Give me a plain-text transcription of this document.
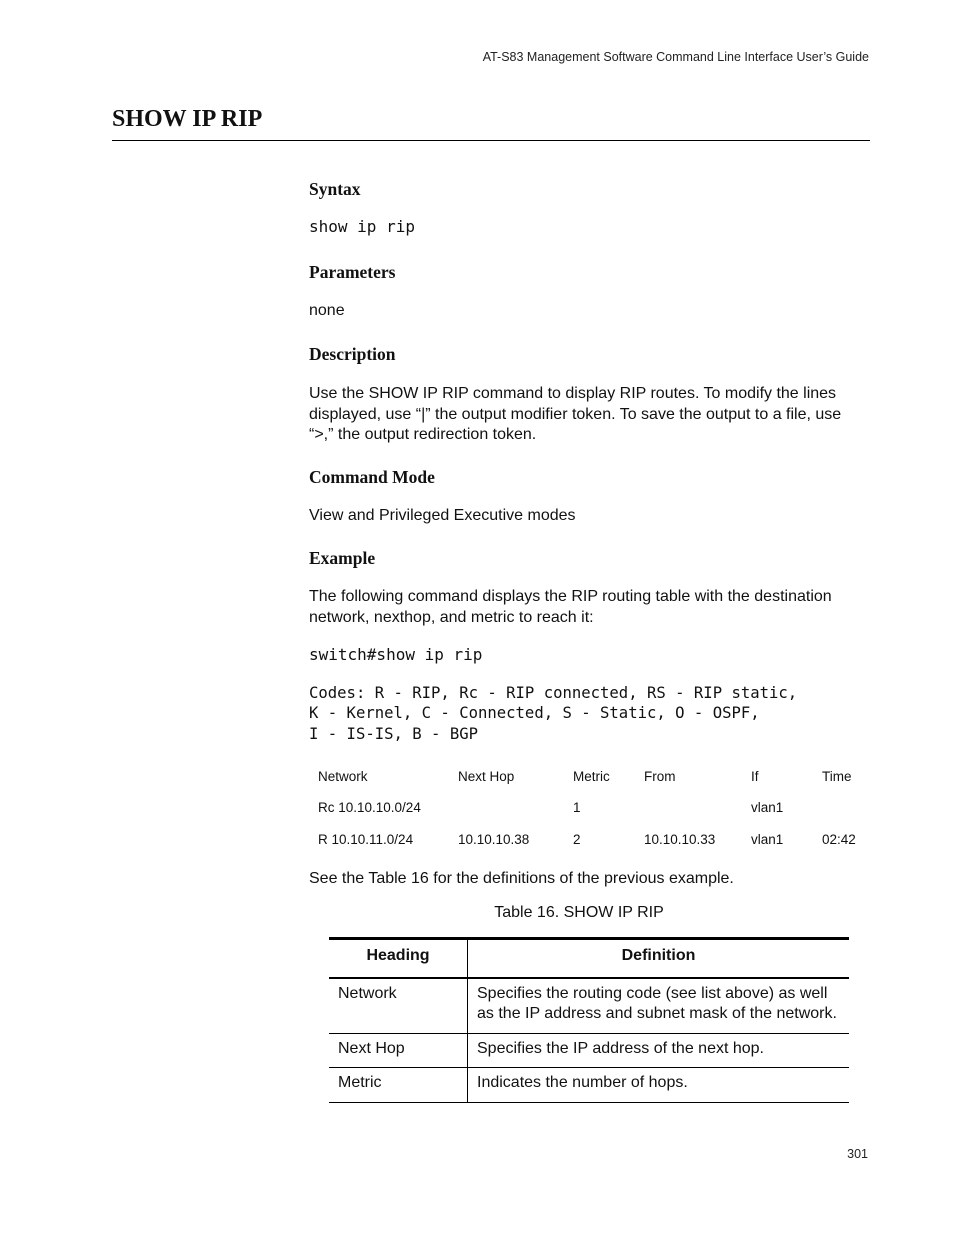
AT-S83 Management Software Command Line Interface User’s Guide
SHOW IP RIP
Syntax

show ip rip

Parameters

none

Description

Use the SHOW IP RIP command to display RIP routes. To modify the lines displayed, use “|” the output modifier token. To save the output to a file, use “>,” the output redirection token.

Command Mode

View and Privileged Executive modes

Example

The following command displays the RIP routing table with the destination network, nexthop, and metric to reach it:

switch#show ip rip

Codes: R - RIP, Rc - RIP connected, RS - RIP static,

K - Kernel, C - Connected, S - Static, O - OSPF,

I - IS-IS, B - BGP

Network	Next Hop	Metric	From	If	Time
Rc 10.10.10.0/24		1		vlan1	
R 10.10.11.0/24	10.10.10.38	2	10.10.10.33	vlan1	02:42

See the Table 16 for the definitions of the previous example.

Table 16. SHOW IP RIP

Heading	Definition
Network	Specifies the routing code (see list above) as well as the IP address and subnet mask of the network.
Next Hop	Specifies the IP address of the next hop.
Metric	Indicates the number of hops.
301
